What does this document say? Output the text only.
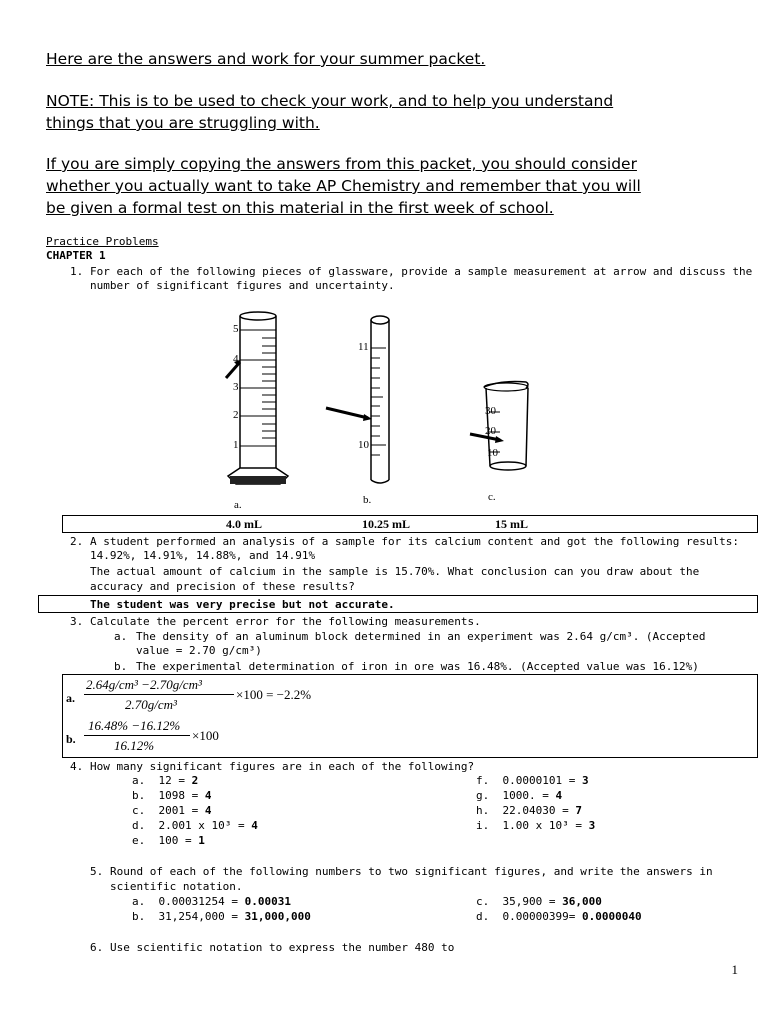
Here are the answers and work for your summer packet.
NOTE: This is to be used to check your work, and to help you understand
things that you are struggling with.
If you are simply copying the answers from this packet, you should consider
whether you actually want to take AP Chemistry and remember that you will
be given a formal test on this material in the first week of school.
Practice Problems
CHAPTER 1
1. For each of the following pieces of glassware, provide a sample measurement at arrow and discuss the
number of significant figures and uncertainty.
5
4
3
2
1
a.
11
10
b.
30
20
10
c.
4.0 mL	10.25 mL	15 mL
2. A student performed an analysis of a sample for its calcium content and got the following results:
14.92%, 14.91%, 14.88%, and 14.91%
The actual amount of calcium in the sample is 15.70%. What conclusion can you draw about the
accuracy and precision of these results?
The student was very precise but not accurate.
3. Calculate the percent error for the following measurements.
a. The density of an aluminum block determined in an experiment was 2.64 g/cm³. (Accepted
value = 2.70 g/cm³)
b. The experimental determination of iron in ore was 16.48%. (Accepted value was 16.12%)
a.
2.64g/cm³ −2.70g/cm³
2.70g/cm³
×100 = −2.2%
b.
16.48% −16.12%
16.12%
×100
4. How many significant figures are in each of the following?
a. 12 = 2
b. 1098 = 4
c. 2001 = 4
d. 2.001 x 10³ = 4
e. 100 = 1
f. 0.0000101 = 3
g. 1000. = 4
h. 22.04030 = 7
i. 1.00 x 10³ = 3
5. Round of each of the following numbers to two significant figures, and write the answers in
scientific notation.
a. 0.00031254 = 0.00031
b. 31,254,000 = 31,000,000
c. 35,900 = 36,000
d. 0.00000399= 0.0000040
6. Use scientific notation to express the number 480 to
1
